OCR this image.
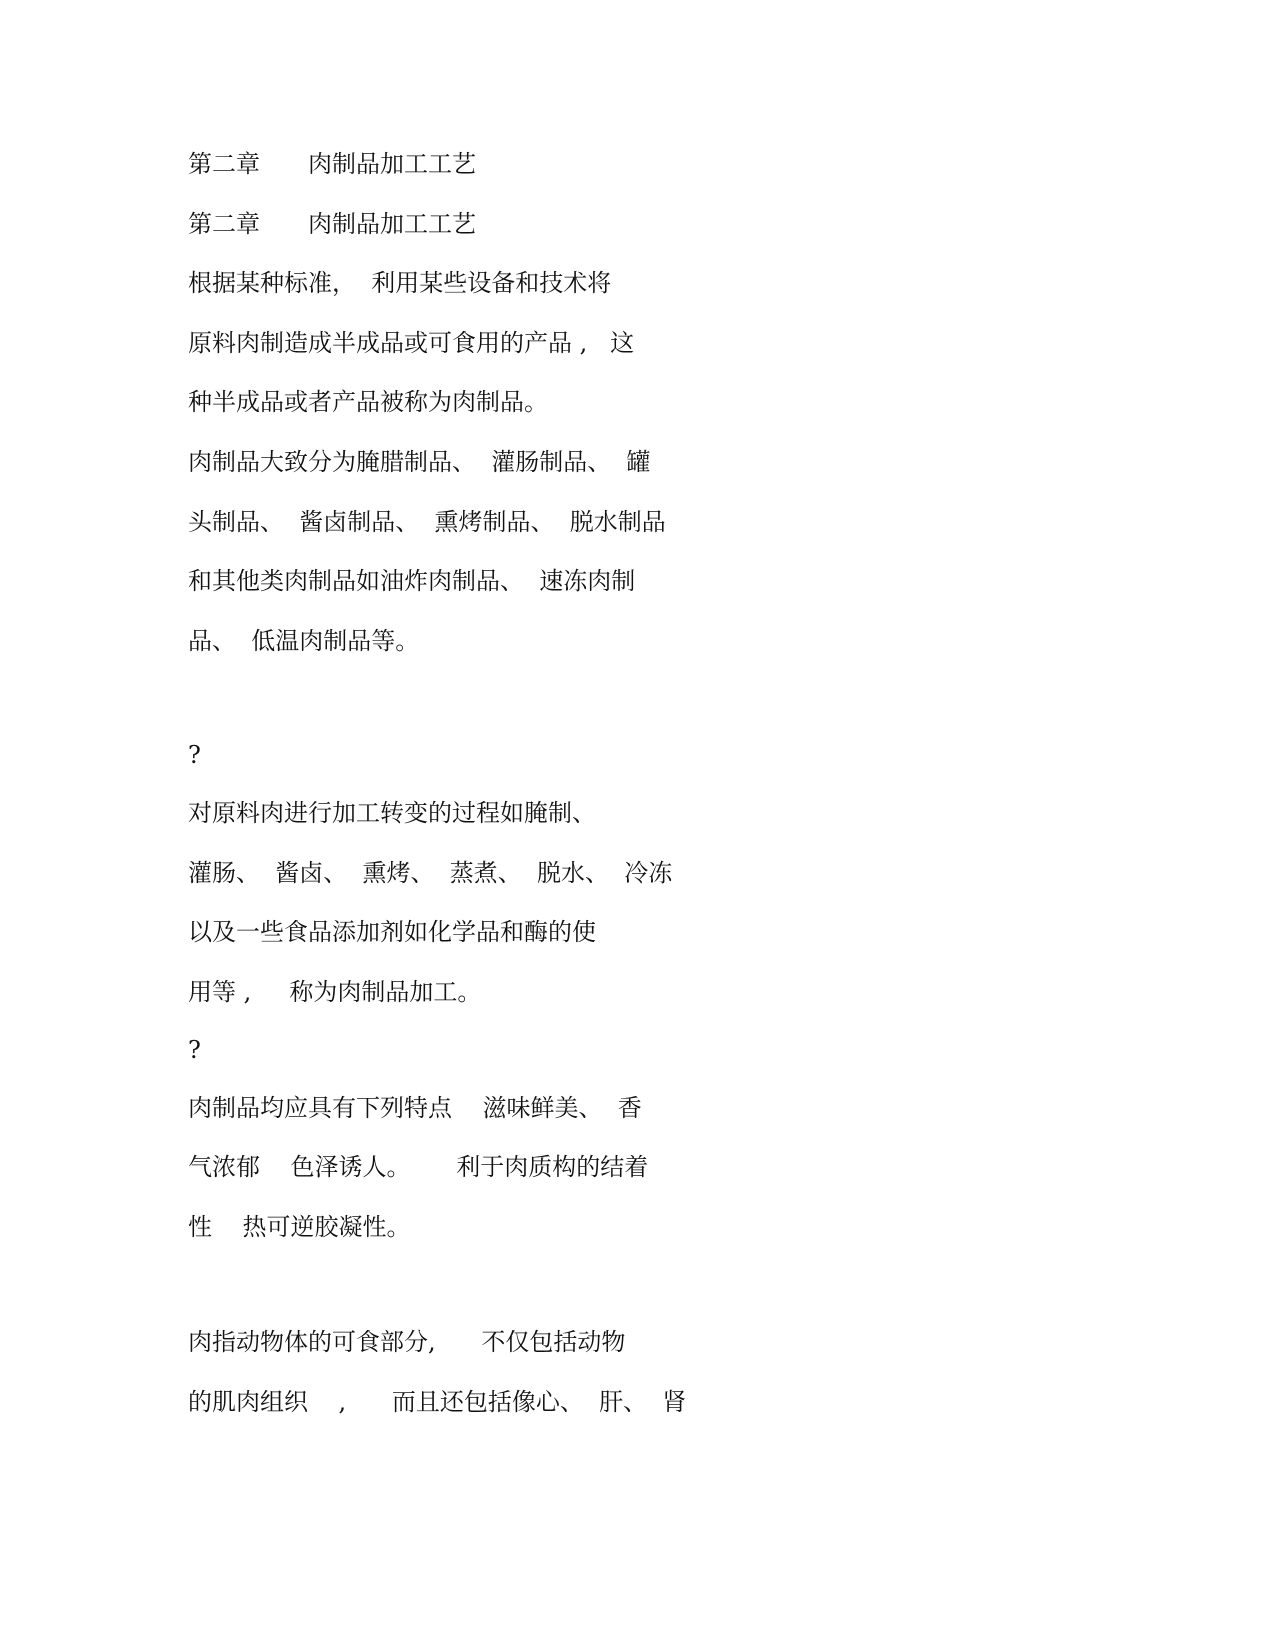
第二章　　肉制品加工工艺
第二章　　肉制品加工工艺
根据某种标准，  利用某些设备和技术将
原料肉制造成半成品或可食用的产品 ,   这
种半成品或者产品被称为肉制品。
肉制品大致分为腌腊制品、  灌肠制品、  罐
头制品、  酱卤制品、  熏烤制品、  脱水制品
和其他类肉制品如油炸肉制品、  速冻肉制
品、  低温肉制品等。
?
对原料肉进行加工转变的过程如腌制、
灌肠、  酱卤、  熏烤、  蒸煮、  脱水、  冷冻
以及一些食品添加剂如化学品和酶的使
用等 ,     称为肉制品加工。
?
肉制品均应具有下列特点    滋味鲜美、  香
气浓郁    色泽诱人。      利于肉质构的结着
性    热可逆胶凝性。
肉指动物体的可食部分,      不仅包括动物
的肌肉组织    ,      而且还包括像心、  肝、  肾
